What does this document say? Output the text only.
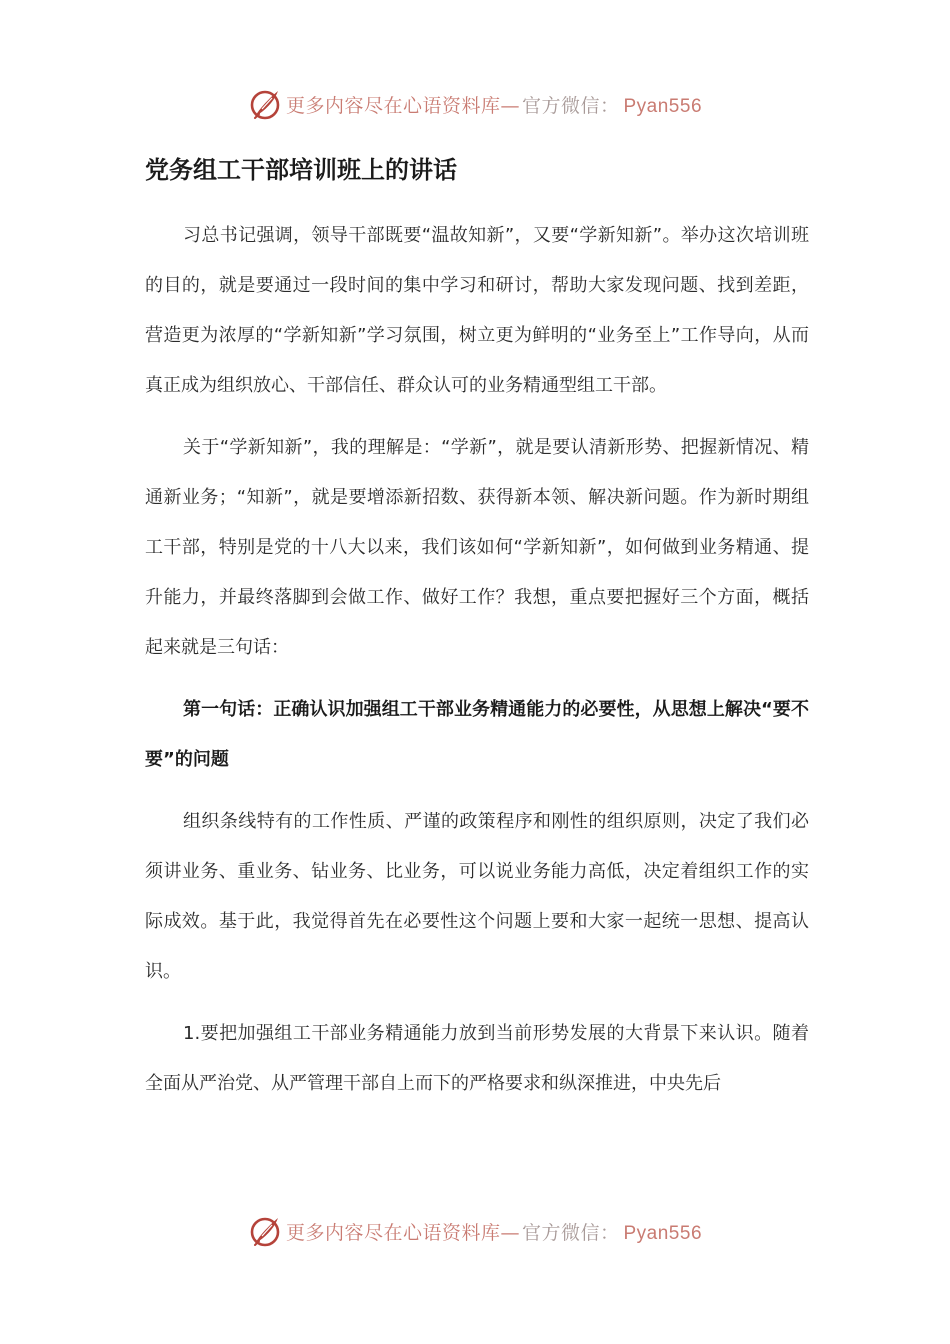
更多内容尽在心语资料库— 官方微信： Pyan556
党务组工干部培训班上的讲话

习总书记强调，领导干部既要“温故知新”，又要“学新知新”。举办这次培训班的目的，就是要通过一段时间的集中学习和研讨，帮助大家发现问题、找到差距，营造更为浓厚的“学新知新”学习氛围，树立更为鲜明的“业务至上”工作导向，从而真正成为组织放心、干部信任、群众认可的业务精通型组工干部。

关于“学新知新”，我的理解是：“学新”，就是要认清新形势、把握新情况、精通新业务；“知新”，就是要增添新招数、获得新本领、解决新问题。作为新时期组工干部，特别是党的十八大以来，我们该如何“学新知新”，如何做到业务精通、提升能力，并最终落脚到会做工作、做好工作？我想，重点要把握好三个方面，概括起来就是三句话：

第一句话：正确认识加强组工干部业务精通能力的必要性，从思想上解决“要不要”的问题

组织条线特有的工作性质、严谨的政策程序和刚性的组织原则，决定了我们必须讲业务、重业务、钻业务、比业务，可以说业务能力高低，决定着组织工作的实际成效。基于此，我觉得首先在必要性这个问题上要和大家一起统一思想、提高认识。

1.要把加强组工干部业务精通能力放到当前形势发展的大背景下来认识。随着全面从严治党、从严管理干部自上而下的严格要求和纵深推进，中央先后

更多内容尽在心语资料库— 官方微信： Pyan556
